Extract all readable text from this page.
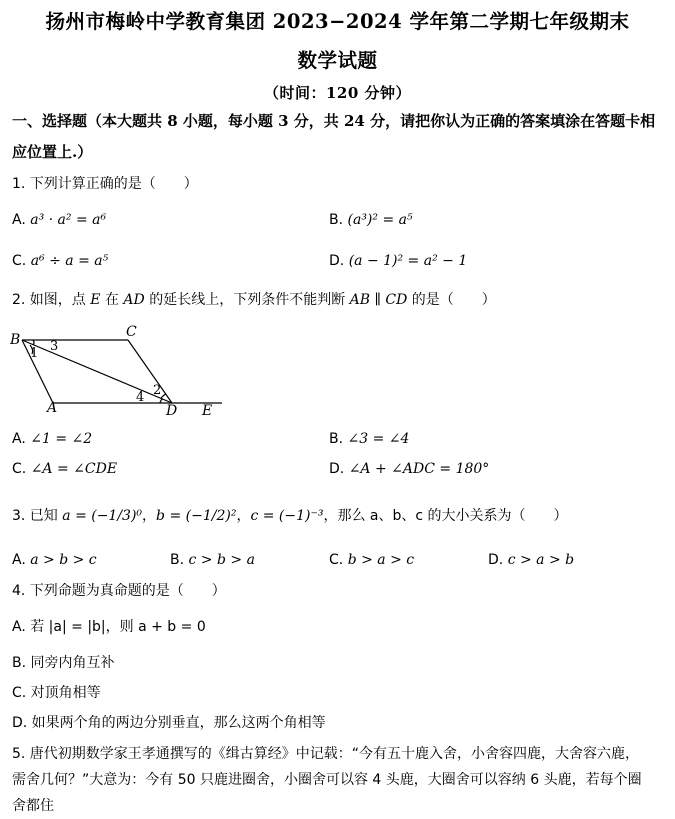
扬州市梅岭中学教育集团 2023−2024 学年第二学期七年级期末
数学试题
（时间：120 分钟）
一、选择题（本大题共 8 小题，每小题 3 分，共 24 分，请把你认为正确的答案填涂在答题卡相应位置上.）
1. 下列计算正确的是（　　）
A. a³ · a² = a⁶	B. (a³)² = a⁵
C. a⁶ ÷ a = a⁵	D. (a − 1)² = a² − 1
2. 如图，点 E 在 AD 的延长线上，下列条件不能判断 AB ∥ CD 的是（　　）
B	C
A	D E
1 3
2
4
A. ∠1 = ∠2	B. ∠3 = ∠4
C. ∠A = ∠CDE	D. ∠A + ∠ADC = 180°
3. 已知 a = (−1/3)⁰，b = (−1/2)²，c = (−1)⁻³，那么 a、b、c 的大小关系为（　　）
A. a > b > c	B. c > b > a	C. b > a > c	D. c > a > b
4. 下列命题为真命题的是（　　）
A. 若 |a| = |b|，则 a + b = 0
B. 同旁内角互补
C. 对顶角相等
D. 如果两个角的两边分别垂直，那么这两个角相等
5. 唐代初期数学家王孝通撰写的《缉古算经》中记载：“今有五十鹿入舍，小舍容四鹿，大舍容六鹿，需舍几何？”大意为：今有 50 只鹿进圈舍，小圈舍可以容 4 头鹿，大圈舍可以容纳 6 头鹿，若每个圈舍都住
